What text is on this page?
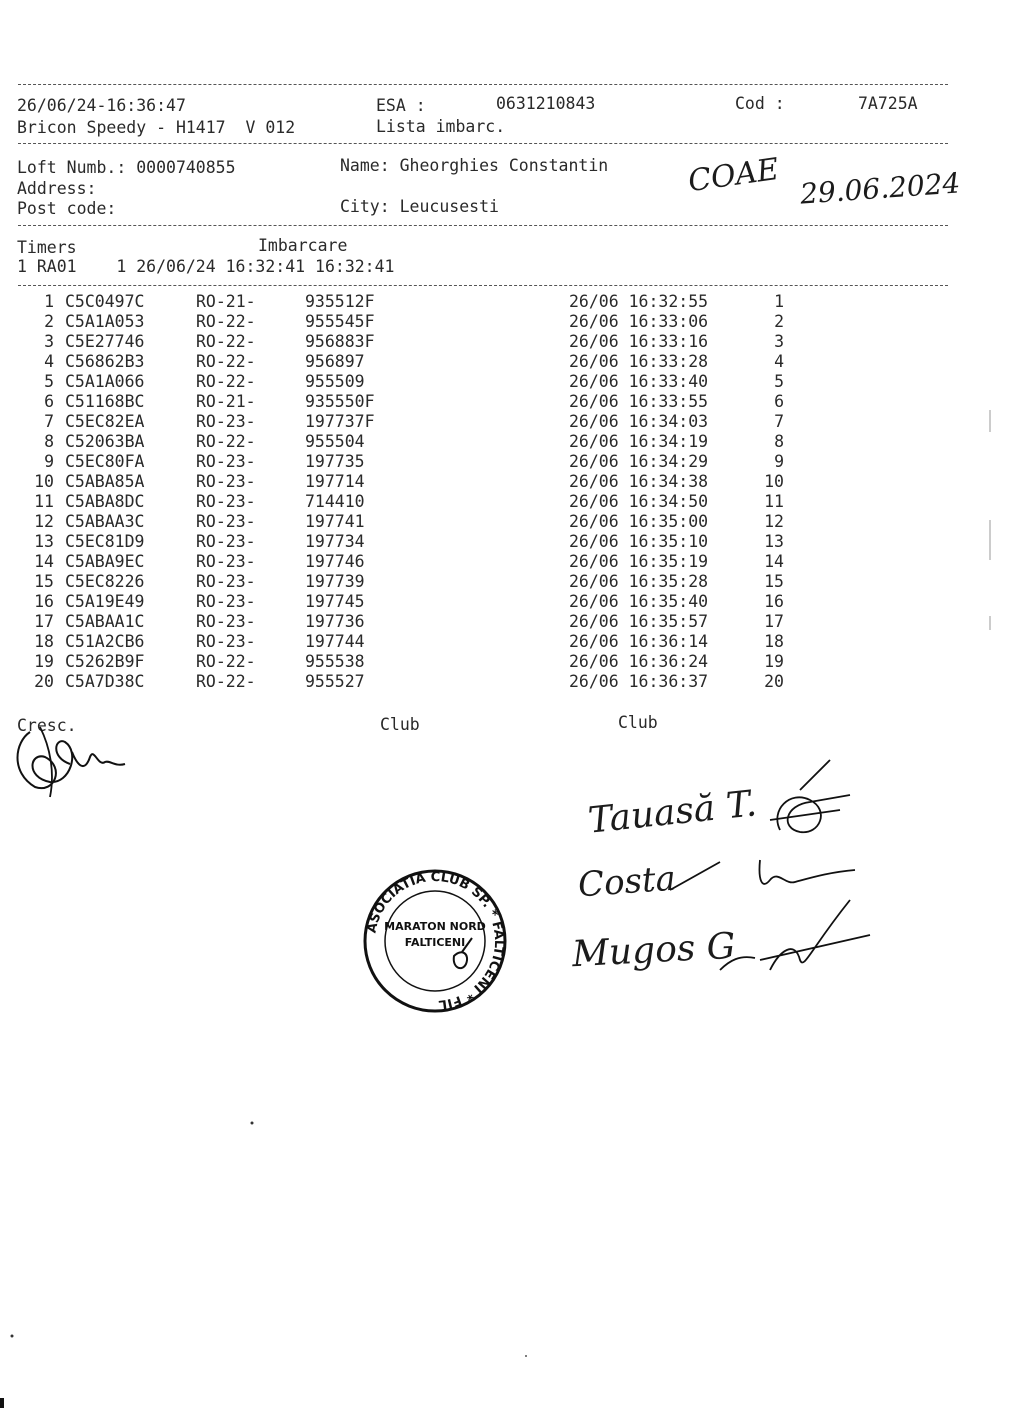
26/06/24-16:36:47	ESA :	0631210843	Cod :	7A725A
Bricon Speedy - H1417  V 012	Lista imbarc.
Loft Numb.: 0000740855	Name: Gheorghies Constantin
Address:
Post code:	City: Leucusesti
COAE 29.06.2024
Timers	Imbarcare
1 RA01    1 26/06/24 16:32:41 16:32:41
1 C5C0497C	RO-21-	935512F	26/06 16:32:55	1
2 C5A1A053	RO-22-	955545F	26/06 16:33:06	2
3 C5E27746	RO-22-	956883F	26/06 16:33:16	3
4 C56862B3	RO-22-	956897	26/06 16:33:28	4
5 C5A1A066	RO-22-	955509	26/06 16:33:40	5
6 C51168BC	RO-21-	935550F	26/06 16:33:55	6
7 C5EC82EA	RO-23-	197737F	26/06 16:34:03	7
8 C52063BA	RO-22-	955504	26/06 16:34:19	8
9 C5EC80FA	RO-23-	197735	26/06 16:34:29	9
10 C5ABA85A	RO-23-	197714	26/06 16:34:38	10
11 C5ABA8DC	RO-23-	714410	26/06 16:34:50	11
12 C5ABAA3C	RO-23-	197741	26/06 16:35:00	12
13 C5EC81D9	RO-23-	197734	26/06 16:35:10	13
14 C5ABA9EC	RO-23-	197746	26/06 16:35:19	14
15 C5EC8226	RO-23-	197739	26/06 16:35:28	15
16 C5A19E49	RO-23-	197745	26/06 16:35:40	16
17 C5ABAA1C	RO-23-	197736	26/06 16:35:57	17
18 C51A2CB6	RO-23-	197744	26/06 16:36:14	18
19 C5262B9F	RO-22-	955538	26/06 16:36:24	19
20 C5A7D38C	RO-22-	955527	26/06 16:36:37	20
Cresc.	Club	Club
ASOCIATIA CLUB SP. * FALTICENI * FIL
MARATON NORD
FALTICENI
Tauasă T.
Costa
Mugos G
